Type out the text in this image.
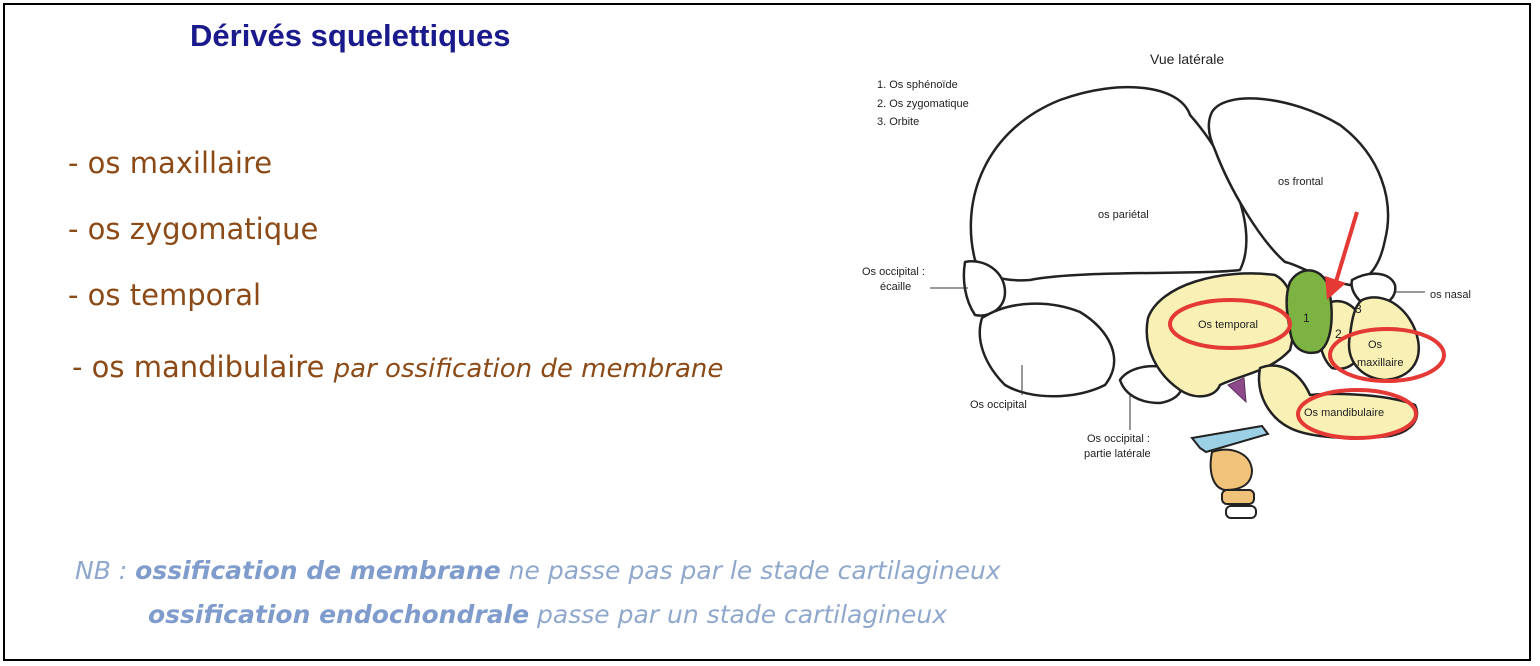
Dérivés squelettiques
- os maxillaire
- os zygomatique
- os temporal
- os mandibulaire par ossification de membrane
NB : ossification de membrane ne passe pas par le stade cartilagineux
ossification endochondrale passe par un stade cartilagineux
Vue latérale
1. Os sphénoïde
2. Os zygomatique
3. Orbite
os frontal
os pariétal
Os occipital :
écaille
Os occipital
Os occipital :
partie latérale
os nasal
Os temporal
Os
maxillaire
Os mandibulaire
1
2
3
